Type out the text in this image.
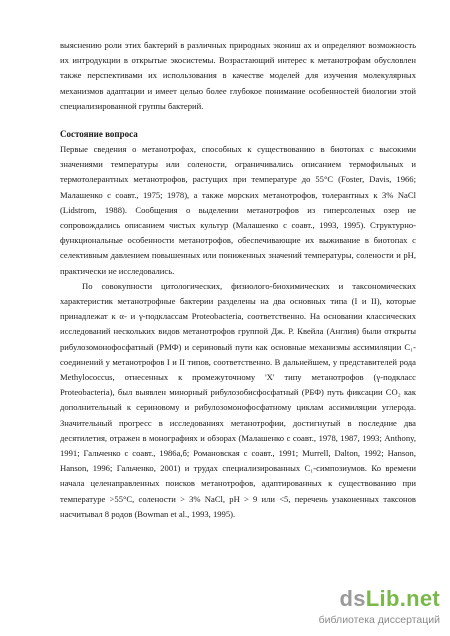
выяснению роли этих бактерий в различных природных экониш ах и определяют возможность их интродукции в открытые экосистемы. Возрастающий интерес к метанотрофам обусловлен также перспективами их использования в качестве моделей для изучения молекулярных механизмов адаптации и имеет целью более глубокое понимание особенностей биологии этой специализированной группы бактерий.

Состояние вопроса

Первые сведения о метанотрофах, способных к существованию в биотопах с высокими значениями температуры или солености, ограничивались описанием термофильных и термотолерантных метанотрофов, растущих при температуре до 55°С (Foster, Davis, 1966; Малашенко с соавт., 1975; 1978), а также морских метанотрофов, толерантных к 3% NaCl (Lidstrom, 1988). Сообщения о выделении метанотрофов из гиперсоленых озер не сопровождались описанием чистых культур (Малашенко с соавт., 1993, 1995). Структурно-функциональные особенности метанотрофов, обеспечивающие их выживание в биотопах с селективным давлением повышенных или пониженных значений температуры, солености и рН, практически не исследовались.

По совокупности цитологических, физиолого-биохимических и таксономических характеристик метанотрофные бактерии разделены на два основных типа (I и II), которые принадлежат к α- и γ-подклассам Proteobacteria, соответственно. На основании классических исследований нескольких видов метанотрофов группой Дж. Р. Квейла (Англия) были открыты рибулозомонофосфатный (РМФ) и сериновый пути как основные механизмы ассимиляции С₁-соединений у метанотрофов I и II типов, соответственно. В дальнейшем, у представителей рода Methylococcus, отнесенных к промежуточному 'X' типу метанотрофов (γ-подкласс Proteobacteria), был выявлен минорный рибулозобисфосфатный (РБФ) путь фиксации СО₂ как дополнительный к сериновому и рибулозомонофосфатному циклам ассимиляции углерода. Значительный прогресс в исследованиях метанотрофии, достигнутый в последние два десятилетия, отражен в монографиях и обзорах (Малашенко с соавт., 1978, 1987, 1993; Anthony, 1991; Гальченко с соавт., 1986а,б; Романовская с соавт., 1991; Murrell, Dalton, 1992; Hanson, Hanson, 1996; Гальченко, 2001) и трудах специализированных С₁-симпозиумов. Ко времени начала целенаправленных поисков метанотрофов, адаптированных к существованию при температуре >55°С, солености > 3% NaCl, рН > 9 или <5, перечень узаконенных таксонов насчитывал 8 родов (Bowman et al., 1993, 1995).

dsLib.net
библиотека диссертаций
